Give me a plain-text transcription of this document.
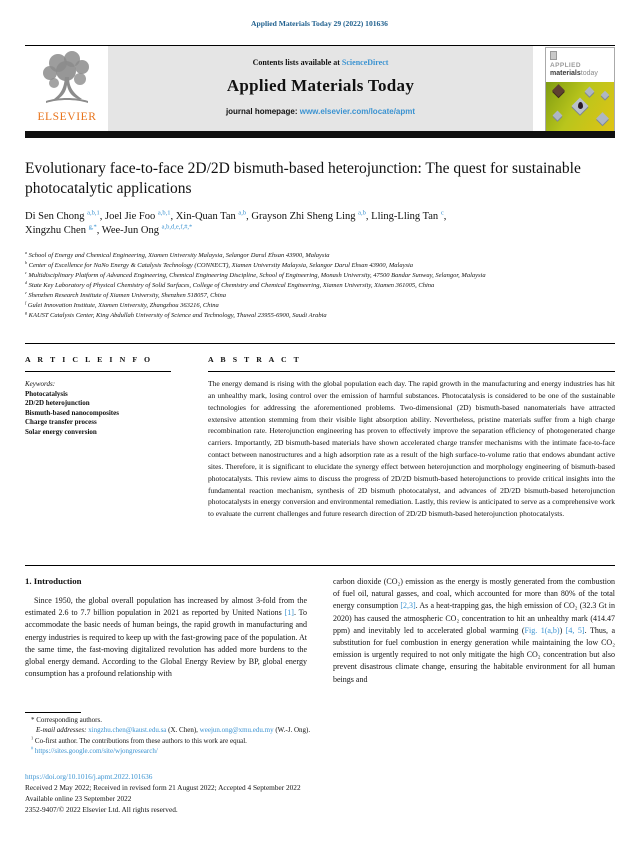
Applied Materials Today 29 (2022) 101636
Contents lists available at ScienceDirect
Applied Materials Today
journal homepage: www.elsevier.com/locate/apmt
ELSEVIER
APPLIED
materialstoday
Evolutionary face-to-face 2D/2D bismuth-based heterojunction: The quest for sustainable photocatalytic applications
Di Sen Chong $^{a,b,1}$, Joel Jie Foo $^{a,b,1}$, Xin-Quan Tan $^{a,b}$, Grayson Zhi Sheng Ling $^{a,b}$, Lling-Lling Tan $^c$, Xingzhu Chen $^{g,*}$, Wee-Jun Ong $^{a,b,d,e,f,\#,*}$
$^a$ School of Energy and Chemical Engineering, Xiamen University Malaysia, Selangor Darul Ehsan 43900, Malaysia
$^b$ Center of Excellence for NaNo Energy & Catalysis Technology (CONNECT), Xiamen University Malaysia, Selangor Darul Ehsan 43900, Malaysia
$^c$ Multidisciplinary Platform of Advanced Engineering, Chemical Engineering Discipline, School of Engineering, Monash University, 47500 Bandar Sunway, Selangor, Malaysia
$^d$ State Key Laboratory of Physical Chemistry of Solid Surfaces, College of Chemistry and Chemical Engineering, Xiamen University, Xiamen 361005, China
$^e$ Shenzhen Research Institute of Xiamen University, Shenzhen 518057, China
$^f$ Gulei Innovation Institute, Xiamen University, Zhangzhou 363216, China
$^g$ KAUST Catalysis Center, King Abdullah University of Science and Technology, Thuwal 23955-6900, Saudi Arabia
A R T I C L E I N F O	A B S T R A C T
Keywords:
Photocatalysis
2D/2D heterojunction
Bismuth-based nanocomposites
Charge transfer process
Solar energy conversion
The energy demand is rising with the global population each day. The rapid growth in the manufacturing and energy industries has hit an unhealthy mark, losing control over the emission of harmful substances. Photocatalysis is considered to be one of the sustainable technologies for addressing the aforementioned problems. Two-dimensional (2D) bismuth-based nanomaterials have attracted extensive attention stemming from their visible light absorption ability. Nevertheless, pristine materials suffer from a high charge recombination rate. Heterojunction engineering has proven to effectively improve the separation efficiency of photogenerated charge carriers. Importantly, 2D bismuth-based materials have shown accelerated charge transfer mechanisms with the intimate face-to-face contact between nanostructures and a high adsorption rate as a result of the high surface-to-volume ratio that endows abundant active sites. Therefore, it is significant to elucidate the synergy effect between heterojunction and morphology engineering of bismuth-based photocatalysts. This review aims to discuss the progress of 2D/2D bismuth-based heterojunctions to provide critical insights into the fundamental reaction mechanism, synthesis of 2D bismuth photocatalyst, and advances of 2D/2D bismuth-based heterojunction photocatalysts in energy conversion and environmental remediation. Lastly, this review is anticipated to serve as a comprehensive work to evaluate the current challenges and future research direction of 2D/2D bismuth-based heterojunction photocatalysts.
1. Introduction
Since 1950, the global overall population has increased by almost 3-fold from the estimated 2.6 to 7.7 billion population in 2021 as reported by United Nations [1]. To accommodate the basic needs of human beings, the rapid growth in manufacturing and energy industries is required to keep up with the fast-growing pace of the population. At the same time, the fast-moving digitalized revolution has added more burdens to the global energy demand. According to the Global Energy Review by BP, global energy consumption has a profound relationship with
carbon dioxide (CO₂) emission as the energy is mostly generated from the combustion of fuel oil, natural gasses, and coal, which accounted for more than 80% of the total energy consumption [2,3]. As a heat-trapping gas, the high emission of CO₂ (32.3 Gt in 2020) has caused the atmospheric CO₂ concentration to hit an unhealthy mark (414.47 ppm) and inevitably led to accelerated global warming (Fig. 1(a,b)) [4, 5]. Thus, a substitution for fuel combustion in energy generation while maintaining the low CO₂ emission is urgently required to not only mitigate the high CO₂ concentration but also prevent disastrous climate change, ensuring the habitable environment for all human beings and
* Corresponding authors.
E-mail addresses: xingzhu.chen@kaust.edu.sa (X. Chen), weejun.ong@xmu.edu.my (W.-J. Ong).
$^1$ Co-first author. The contributions from these authors to this work are equal.
# https://sites.google.com/site/wjongresearch/
https://doi.org/10.1016/j.apmt.2022.101636
Received 2 May 2022; Received in revised form 21 August 2022; Accepted 4 September 2022
Available online 23 September 2022
2352-9407/© 2022 Elsevier Ltd. All rights reserved.
